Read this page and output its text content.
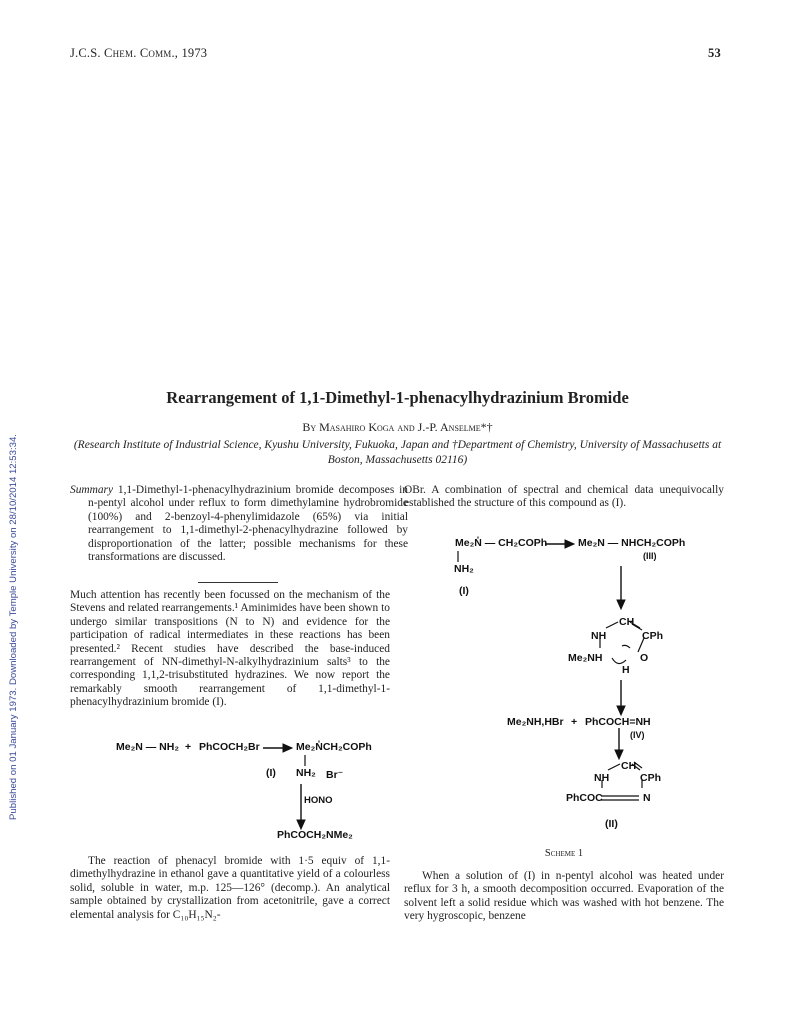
J.C.S. Chem. Comm., 1973	53
Published on 01 January 1973. Downloaded by Temple University on 28/10/2014 12:53:34.
Rearrangement of 1,1-Dimethyl-1-phenacylhydrazinium Bromide
By Masahiro Koga and J.-P. Anselme*†
(Research Institute of Industrial Science, Kyushu University, Fukuoka, Japan and †Department of Chemistry, University of Massachusetts at Boston, Massachusetts 02116)
Summary 1,1-Dimethyl-1-phenacylhydrazinium bromide decomposes in n-pentyl alcohol under reflux to form dimethylamine hydrobromide (100%) and 2-benzoyl-4-phenylimidazole (65%) via initial rearrangement to 1,1-dimethyl-2-phenacylhydrazine followed by disproportionation of the latter; possible mechanisms for these transformations are discussed.
Much attention has recently been focussed on the mechanism of the Stevens and related rearrangements.¹ Aminimides have been shown to undergo similar transpositions (N to N) and evidence for the participation of radical intermediates in these reactions has been presented.² Recent studies have described the base-induced rearrangement of NN-dimethyl-N-alkylhydrazinium salts³ to the corresponding 1,1,2-trisubstituted hydrazines. We now report the remarkably smooth rearrangement of 1,1-dimethyl-1-phenacylhydrazinium bromide (I).
Me₂N — NH₂ + PhCOCH₂Br	Me₂N̊CH₂COPh
(I) NH₂ Br⁻
HONO
PhCOCH₂NMe₂
The reaction of phenacyl bromide with 1·5 equiv of 1,1-dimethylhydrazine in ethanol gave a quantitative yield of a colourless solid, soluble in water, m.p. 125—126° (decomp.). An analytical sample obtained by crystallization from acetonitrile, gave a correct elemental analysis for C₁₀H₁₅N₂-
OBr. A combination of spectral and chemical data unequivocally established the structure of this compound as (I).
Me₂N̊ — CH₂COPh	Me₂N — NHCH₂COPh
(III)
NH₂
(I)
CH
NH	CPh
Me₂NH	O
H
Me₂NH,HBr + PhCOCH=NH
(IV)
CH
NH	CPh
PhCOC	N
(II)
Scheme 1
When a solution of (I) in n-pentyl alcohol was heated under reflux for 3 h, a smooth decomposition occurred. Evaporation of the solvent left a solid residue which was washed with hot benzene. The very hygroscopic, benzene
